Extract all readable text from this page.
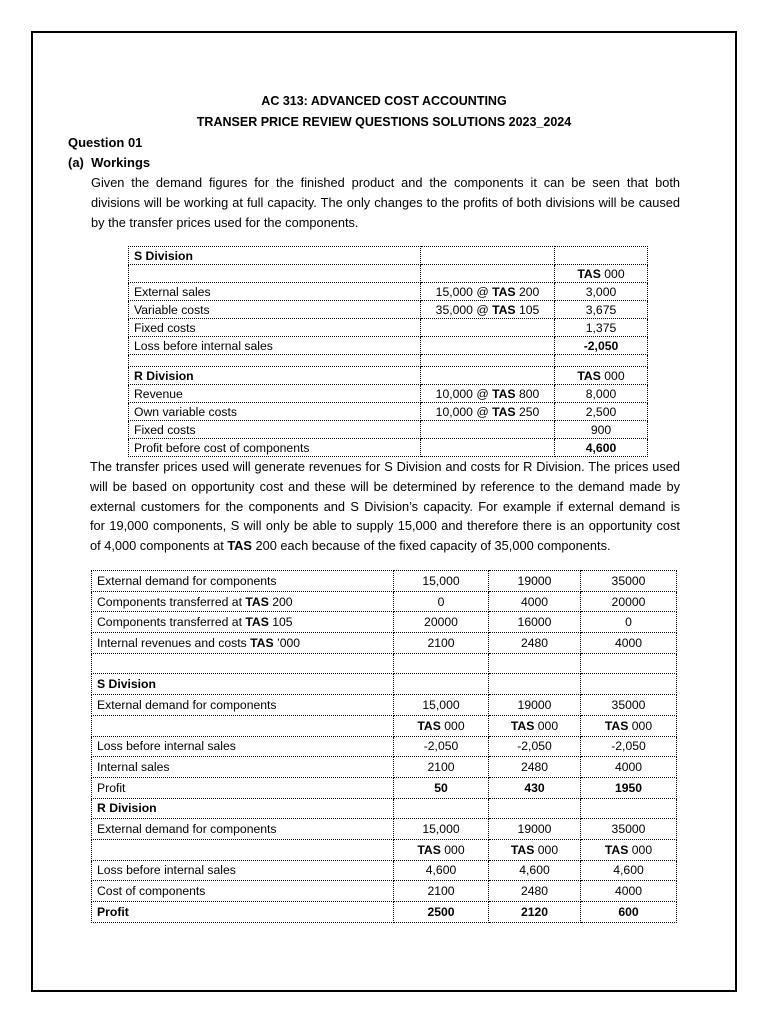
AC 313: ADVANCED COST ACCOUNTING

TRANSER PRICE REVIEW QUESTIONS SOLUTIONS 2023_2024

Question 01

(a) Workings

Given the demand figures for the finished product and the components it can be seen that both
divisions will be working at full capacity. The only changes to the profits of both divisions will be caused
by the transfer prices used for the components.
S Division		
		TAS 000
External sales	15,000 @ TAS 200	3,000
Variable costs	35,000 @ TAS 105	3,675
Fixed costs		1,375
Loss before internal sales		-2,050

R Division		TAS 000
Revenue	10,000 @ TAS 800	8,000
Own variable costs	10,000 @ TAS 250	2,500
Fixed costs		900
Profit before cost of components		4,600
The transfer prices used will generate revenues for S Division and costs for R Division. The prices used
will be based on opportunity cost and these will be determined by reference to the demand made by
external customers for the components and S Division’s capacity. For example if external demand is
for 19,000 components, S will only be able to supply 15,000 and therefore there is an opportunity cost
of 4,000 components at TAS 200 each because of the fixed capacity of 35,000 components.
External demand for components	15,000	19000	35000
Components transferred at TAS 200	0	4000	20000
Components transferred at TAS 105	20000	16000	0
Internal revenues and costs TAS ’000	2100	2480	4000

S Division			
External demand for components	15,000	19000	35000
	TAS 000	TAS 000	TAS 000
Loss before internal sales	-2,050	-2,050	-2,050
Internal sales	2100	2480	4000
Profit	50	430	1950
R Division			
External demand for components	15,000	19000	35000
	TAS 000	TAS 000	TAS 000
Loss before internal sales	4,600	4,600	4,600
Cost of components	2100	2480	4000
Profit	2500	2120	600
